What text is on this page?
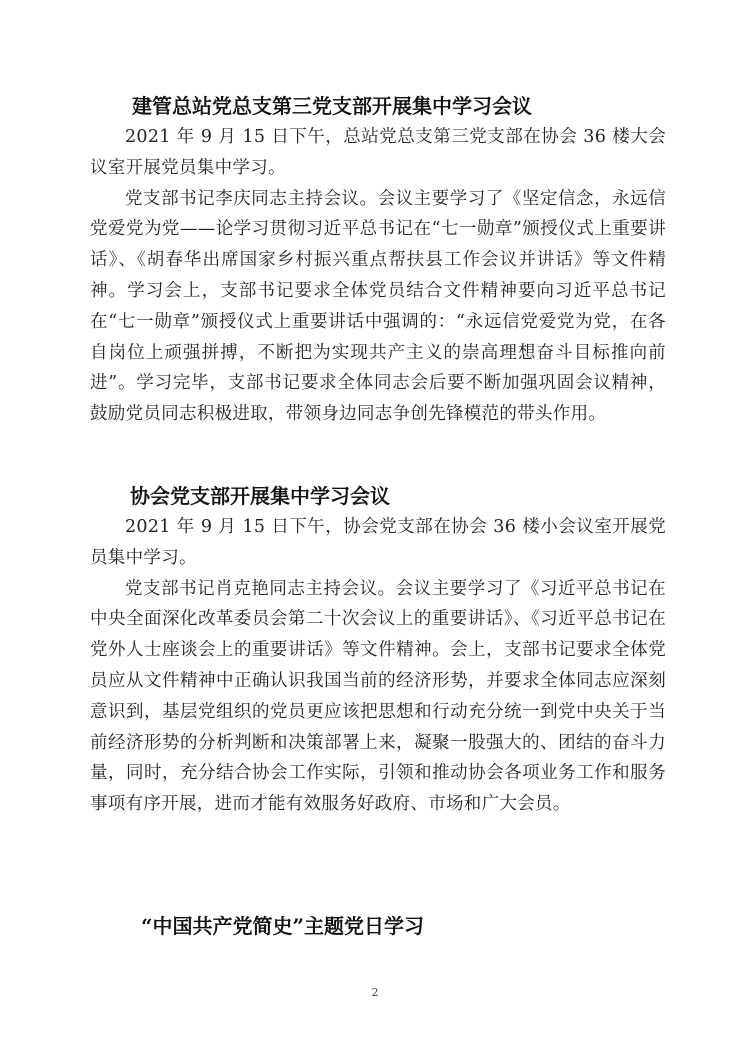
建管总站党总支第三党支部开展集中学习会议

2021 年 9 月 15 日下午，总站党总支第三党支部在协会 36 楼大会议室开展党员集中学习。

党支部书记李庆同志主持会议。会议主要学习了《坚定信念，永远信党爱党为党——论学习贯彻习近平总书记在“七一勋章”颁授仪式上重要讲话》、《胡春华出席国家乡村振兴重点帮扶县工作会议并讲话》等文件精神。学习会上，支部书记要求全体党员结合文件精神要向习近平总书记在“七一勋章”颁授仪式上重要讲话中强调的：“永远信党爱党为党，在各自岗位上顽强拼搏，不断把为实现共产主义的崇高理想奋斗目标推向前进”。学习完毕，支部书记要求全体同志会后要不断加强巩固会议精神，鼓励党员同志积极进取，带领身边同志争创先锋模范的带头作用。

协会党支部开展集中学习会议

2021 年 9 月 15 日下午，协会党支部在协会 36 楼小会议室开展党员集中学习。

党支部书记肖克艳同志主持会议。会议主要学习了《习近平总书记在中央全面深化改革委员会第二十次会议上的重要讲话》、《习近平总书记在党外人士座谈会上的重要讲话》等文件精神。会上，支部书记要求全体党员应从文件精神中正确认识我国当前的经济形势，并要求全体同志应深刻意识到，基层党组织的党员更应该把思想和行动充分统一到党中央关于当前经济形势的分析判断和决策部署上来，凝聚一股强大的、团结的奋斗力量，同时，充分结合协会工作实际，引领和推动协会各项业务工作和服务事项有序开展，进而才能有效服务好政府、市场和广大会员。

“中国共产党简史”主题党日学习
2
